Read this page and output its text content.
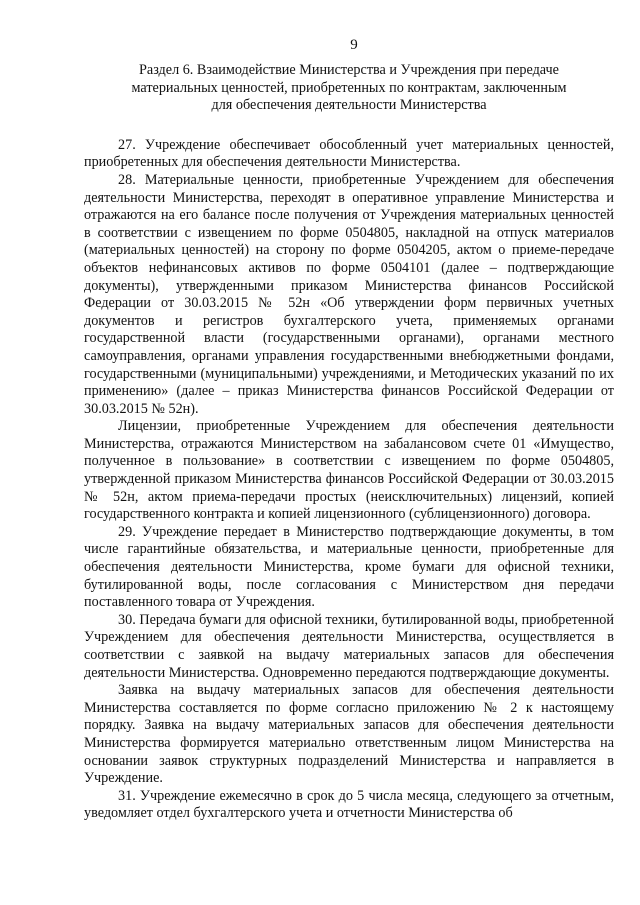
9
Раздел 6. Взаимодействие Министерства и Учреждения при передаче
материальных ценностей, приобретенных по контрактам, заключенным
для обеспечения деятельности Министерства

27. Учреждение обеспечивает обособленный учет материальных ценностей, приобретенных для обеспечения деятельности Министерства.

28. Материальные ценности, приобретенные Учреждением для обеспечения деятельности Министерства, переходят в оперативное управление Министерства и отражаются на его балансе после получения от Учреждения материальных ценностей в соответствии с извещением по форме 0504805, накладной на отпуск материалов (материальных ценностей) на сторону по форме 0504205, актом о приеме-передаче объектов нефинансовых активов по форме 0504101 (далее – подтверждающие документы), утвержденными приказом Министерства финансов Российской Федерации от 30.03.2015 № 52н «Об утверждении форм первичных учетных документов и регистров бухгалтерского учета, применяемых органами государственной власти (государственными органами), органами местного самоуправления, органами управления государственными внебюджетными фондами, государственными (муниципальными) учреждениями, и Методических указаний по их применению» (далее – приказ Министерства финансов Российской Федерации от 30.03.2015 № 52н).

Лицензии, приобретенные Учреждением для обеспечения деятельности Министерства, отражаются Министерством на забалансовом счете 01 «Имущество, полученное в пользование» в соответствии с извещением по форме 0504805, утвержденной приказом Министерства финансов Российской Федерации от 30.03.2015 № 52н, актом приема-передачи простых (неисключительных) лицензий, копией государственного контракта и копией лицензионного (сублицензионного) договора.

29. Учреждение передает в Министерство подтверждающие документы, в том числе гарантийные обязательства, и материальные ценности, приобретенные для обеспечения деятельности Министерства, кроме бумаги для офисной техники, бутилированной воды, после согласования с Министерством дня передачи поставленного товара от Учреждения.

30. Передача бумаги для офисной техники, бутилированной воды, приобретенной Учреждением для обеспечения деятельности Министерства, осуществляется в соответствии с заявкой на выдачу материальных запасов для обеспечения деятельности Министерства. Одновременно передаются подтверждающие документы.

Заявка на выдачу материальных запасов для обеспечения деятельности Министерства составляется по форме согласно приложению № 2 к настоящему порядку. Заявка на выдачу материальных запасов для обеспечения деятельности Министерства формируется материально ответственным лицом Министерства на основании заявок структурных подразделений Министерства и направляется в Учреждение.

31. Учреждение ежемесячно в срок до 5 числа месяца, следующего за отчетным, уведомляет отдел бухгалтерского учета и отчетности Министерства об
